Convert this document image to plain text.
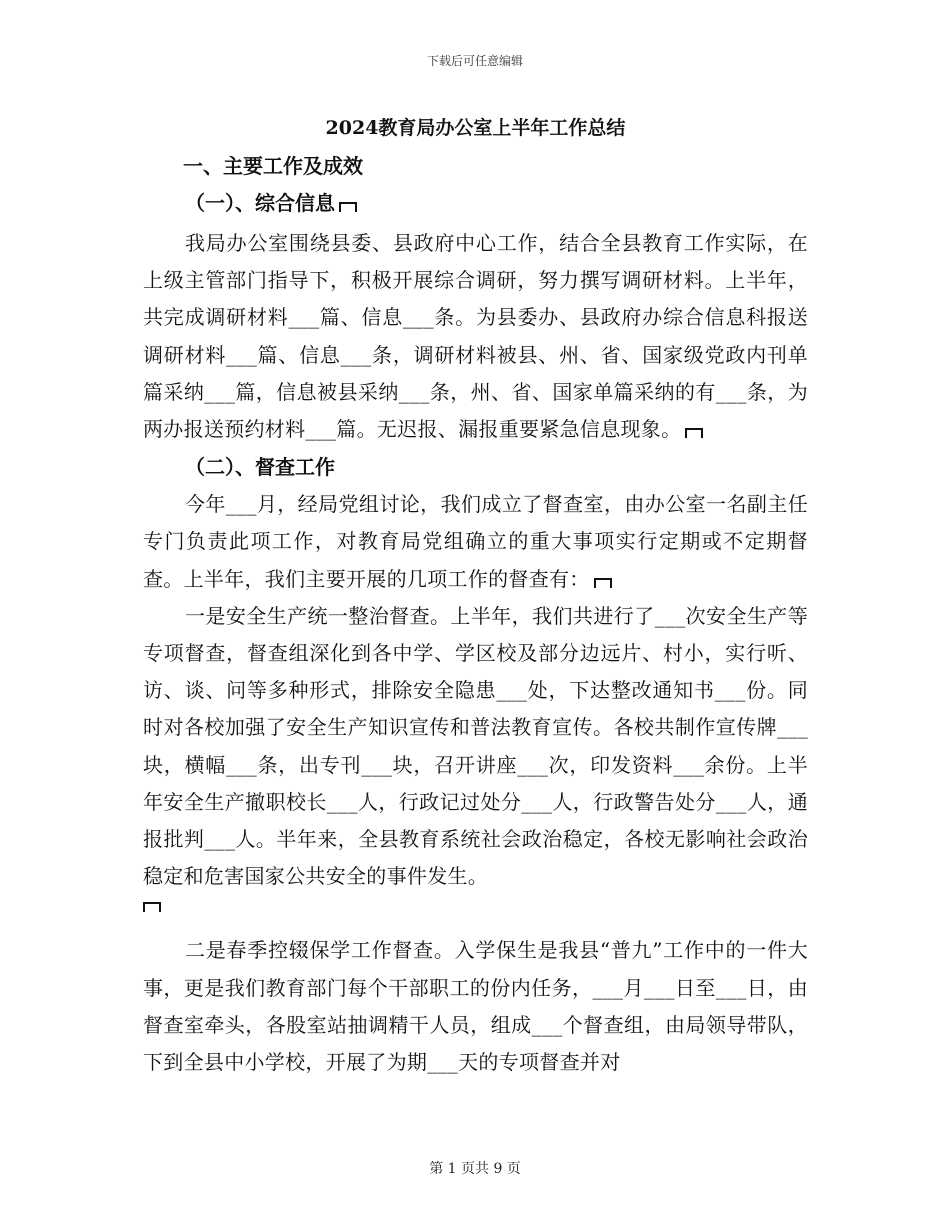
下载后可任意编辑

2024教育局办公室上半年工作总结

一、主要工作及成效

（一）、综合信息

我局办公室围绕县委、县政府中心工作，结合全县教育工作实际，在上级主管部门指导下，积极开展综合调研，努力撰写调研材料。上半年，共完成调研材料___篇、信息___条。为县委办、县政府办综合信息科报送调研材料___篇、信息___条，调研材料被县、州、省、国家级党政内刊单篇采纳___篇，信息被县采纳___条，州、省、国家单篇采纳的有___条，为两办报送预约材料___篇。无迟报、漏报重要紧急信息现象。

（二）、督查工作

今年___月，经局党组讨论，我们成立了督查室，由办公室一名副主任专门负责此项工作，对教育局党组确立的重大事项实行定期或不定期督查。上半年，我们主要开展的几项工作的督查有：

一是安全生产统一整治督查。上半年，我们共进行了___次安全生产等专项督查，督查组深化到各中学、学区校及部分边远片、村小，实行听、访、谈、问等多种形式，排除安全隐患___处，下达整改通知书___份。同时对各校加强了安全生产知识宣传和普法教育宣传。各校共制作宣传牌___块，横幅___条，出专刊___块，召开讲座___次，印发资料___余份。上半年安全生产撤职校长___人，行政记过处分___人，行政警告处分___人，通报批判___人。半年来，全县教育系统社会政治稳定，各校无影响社会政治稳定和危害国家公共安全的事件发生。

二是春季控辍保学工作督查。入学保生是我县“普九”工作中的一件大事，更是我们教育部门每个干部职工的份内任务，___月___日至___日，由督查室牵头，各股室站抽调精干人员，组成___个督查组，由局领导带队，下到全县中小学校，开展了为期___天的专项督查并对

第 1 页共 9 页
